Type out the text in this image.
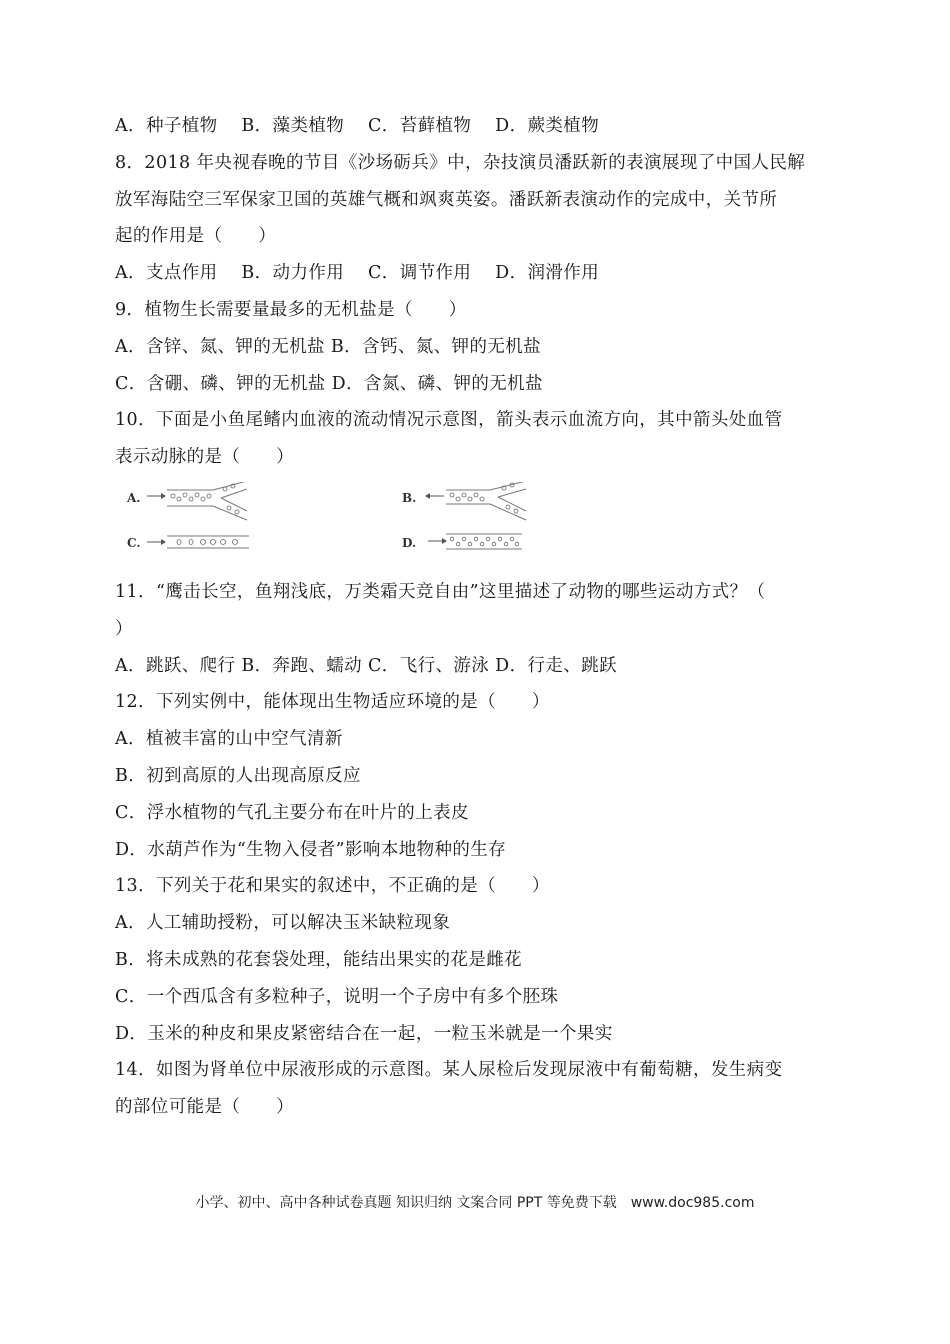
A．种子植物　 B．藻类植物　 C．苔藓植物　 D．蕨类植物
8．2018 年央视春晚的节目《沙场砺兵》中，杂技演员潘跃新的表演展现了中国人民解
放军海陆空三军保家卫国的英雄气概和飒爽英姿。潘跃新表演动作的完成中，关节所
起的作用是（　　）
A．支点作用　 B．动力作用　 C．调节作用　 D．润滑作用
9．植物生长需要量最多的无机盐是（　　）
A．含锌、氮、钾的无机盐 B．含钙、氮、钾的无机盐
C．含硼、磷、钾的无机盐 D．含氮、磷、钾的无机盐
10．下面是小鱼尾鳍内血液的流动情况示意图，箭头表示血流方向，其中箭头处血管
表示动脉的是（　　）
A.	B.
C.	D.
11．“鹰击长空，鱼翔浅底，万类霜天竞自由”这里描述了动物的哪些运动方式？（
）
A．跳跃、爬行 B．奔跑、蠕动 C．飞行、游泳 D．行走、跳跃
12．下列实例中，能体现出生物适应环境的是（　　）
A．植被丰富的山中空气清新
B．初到高原的人出现高原反应
C．浮水植物的气孔主要分布在叶片的上表皮
D．水葫芦作为“生物入侵者”影响本地物种的生存
13．下列关于花和果实的叙述中，不正确的是（　　）
A．人工辅助授粉，可以解决玉米缺粒现象
B．将未成熟的花套袋处理，能结出果实的花是雌花
C．一个西瓜含有多粒种子，说明一个子房中有多个胚珠
D．玉米的种皮和果皮紧密结合在一起，一粒玉米就是一个果实
14．如图为肾单位中尿液形成的示意图。某人尿检后发现尿液中有葡萄糖，发生病变
的部位可能是（　　）
小学、初中、高中各种试卷真题 知识归纳 文案合同 PPT 等免费下载　www.doc985.com
